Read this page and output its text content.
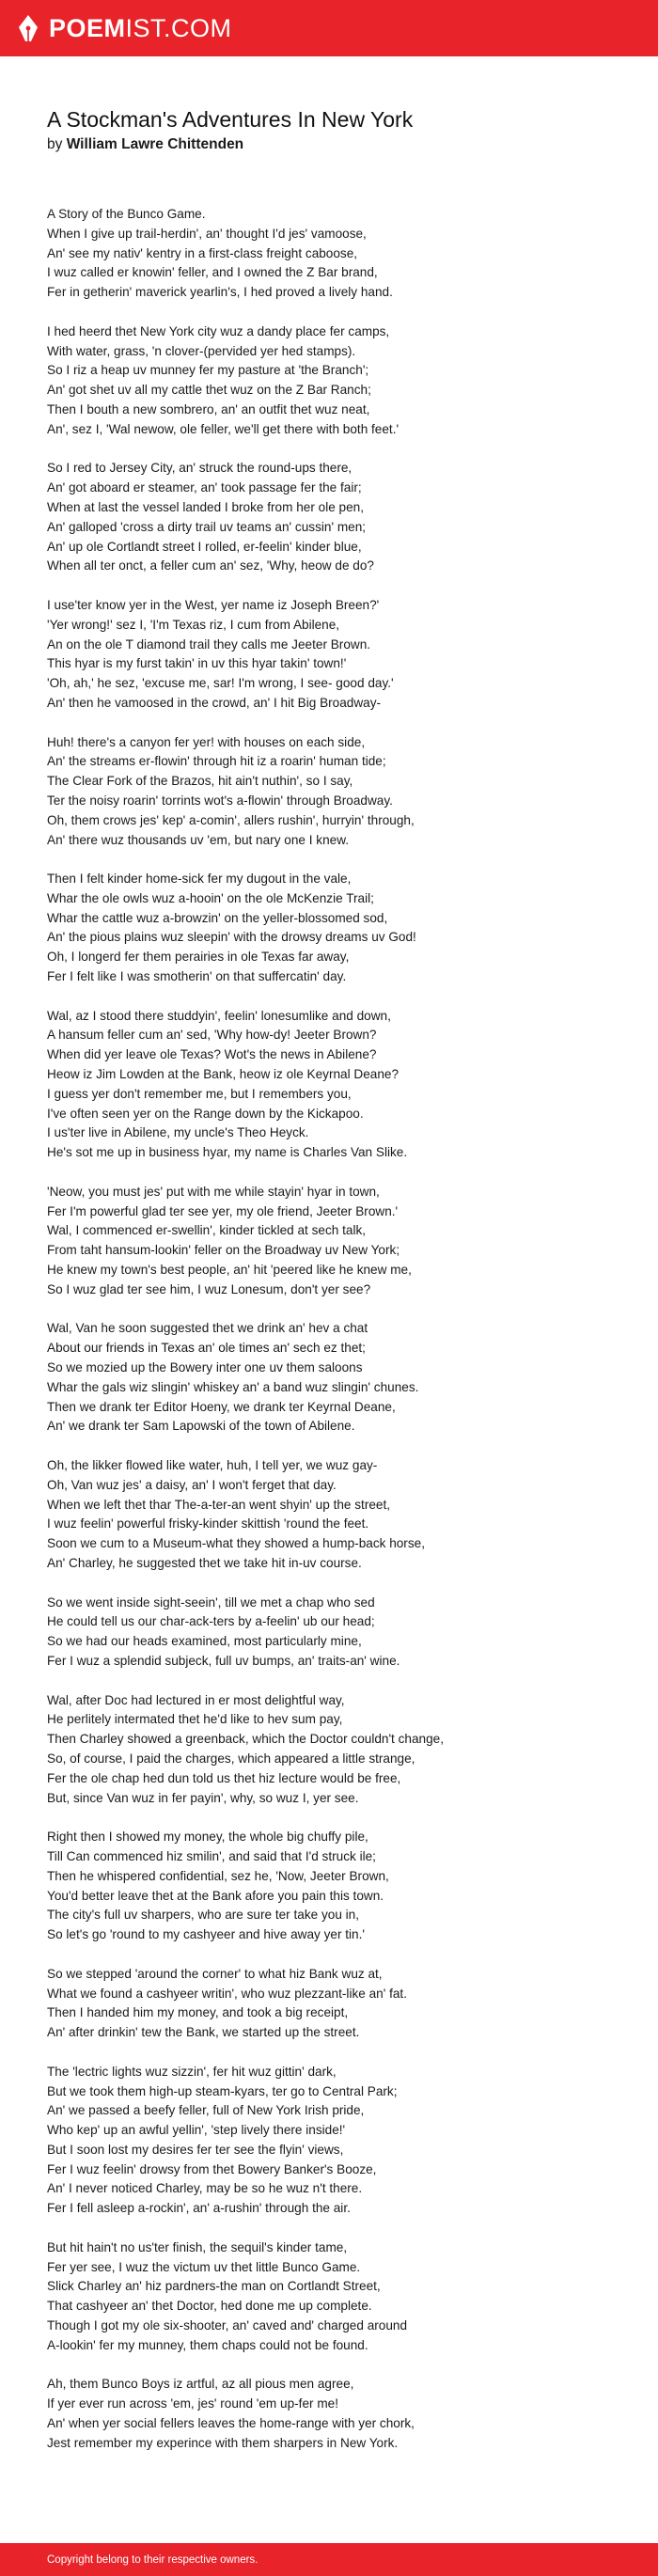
POEMIST.COM
A Stockman's Adventures In New York
by William Lawre Chittenden
A Story of the Bunco Game.
When I give up trail-herdin', an' thought I'd jes' vamoose,
An' see my nativ' kentry in a first-class freight caboose,
I wuz called er knowin' feller, and I owned the Z Bar brand,
Fer in getherin' maverick yearlin's, I hed proved a lively hand.
I hed heerd thet New York city wuz a dandy place fer camps,
With water, grass, 'n clover-(pervided yer hed stamps).
So I riz a heap uv munney fer my pasture at 'the Branch';
An' got shet uv all my cattle thet wuz on the Z Bar Ranch;
Then I bouth a new sombrero, an' an outfit thet wuz neat,
An', sez I, 'Wal newow, ole feller, we'll get there with both feet.'
So I red to Jersey City, an' struck the round-ups there,
An' got aboard er steamer, an' took passage fer the fair;
When at last the vessel landed I broke from her ole pen,
An' galloped 'cross a dirty trail uv teams an' cussin' men;
An' up ole Cortlandt street I rolled, er-feelin' kinder blue,
When all ter onct, a feller cum an' sez, 'Why, heow de do?
I use'ter know yer in the West, yer name iz Joseph Breen?'
'Yer wrong!' sez I, 'I'm Texas riz, I cum from Abilene,
An on the ole T diamond trail they calls me Jeeter Brown.
This hyar is my furst takin' in uv this hyar takin' town!'
'Oh, ah,' he sez, 'excuse me, sar! I'm wrong, I see- good day.'
An' then he vamoosed in the crowd, an' I hit Big Broadway-
Huh! there's a canyon fer yer! with houses on each side,
An' the streams er-flowin' through hit iz a roarin' human tide;
The Clear Fork of the Brazos, hit ain't nuthin', so I say,
Ter the noisy roarin' torrints wot's a-flowin' through Broadway.
Oh, them crows jes' kep' a-comin', allers rushin', hurryin' through,
An' there wuz thousands uv 'em, but nary one I knew.
Then I felt kinder home-sick fer my dugout in the vale,
Whar the ole owls wuz a-hooin' on the ole McKenzie Trail;
Whar the cattle wuz a-browzin' on the yeller-blossomed sod,
An' the pious plains wuz sleepin' with the drowsy dreams uv God!
Oh, I longerd fer them perairies in ole Texas far away,
Fer I felt like I was smotherin' on that suffercatin' day.
Wal, az I stood there studdyin', feelin' lonesumlike and down,
A hansum feller cum an' sed, 'Why how-dy! Jeeter Brown?
When did yer leave ole Texas? Wot's the news in Abilene?
Heow iz Jim Lowden at the Bank, heow iz ole Keyrnal Deane?
I guess yer don't remember me, but I remembers you,
I've often seen yer on the Range down by the Kickapoo.
I us'ter live in Abilene, my uncle's Theo Heyck.
He's sot me up in business hyar, my name is Charles Van Slike.
'Neow, you must jes' put with me while stayin' hyar in town,
Fer I'm powerful glad ter see yer, my ole friend, Jeeter Brown.'
Wal, I commenced er-swellin', kinder tickled at sech talk,
From taht hansum-lookin' feller on the Broadway uv New York;
He knew my town's best people, an' hit 'peered like he knew me,
So I wuz glad ter see him, I wuz Lonesum, don't yer see?
Wal, Van he soon suggested thet we drink an' hev a chat
About our friends in Texas an' ole times an' sech ez thet;
So we mozied up the Bowery inter one uv them saloons
Whar the gals wiz slingin' whiskey an' a band wuz slingin' chunes.
Then we drank ter Editor Hoeny, we drank ter Keyrnal Deane,
An' we drank ter Sam Lapowski of the town of Abilene.
Oh, the likker flowed like water, huh, I tell yer, we wuz gay-
Oh, Van wuz jes' a daisy, an' I won't ferget that day.
When we left thet thar The-a-ter-an went shyin' up the street,
I wuz feelin' powerful frisky-kinder skittish 'round the feet.
Soon we cum to a Museum-what they showed a hump-back horse,
An' Charley, he suggested thet we take hit in-uv course.
So we went inside sight-seein', till we met a chap who sed
He could tell us our char-ack-ters by a-feelin' ub our head;
So we had our heads examined, most particularly mine,
Fer I wuz a splendid subjeck, full uv bumps, an' traits-an' wine.
Wal, after Doc had lectured in er most delightful way,
He perlitely intermated thet he'd like to hev sum pay,
Then Charley showed a greenback, which the Doctor couldn't change,
So, of course, I paid the charges, which appeared a little strange,
Fer the ole chap hed dun told us thet hiz lecture would be free,
But, since Van wuz in fer payin', why, so wuz I, yer see.
Right then I showed my money, the whole big chuffy pile,
Till Can commenced hiz smilin', and said that I'd struck ile;
Then he whispered confidential, sez he, 'Now, Jeeter Brown,
You'd better leave thet at the Bank afore you pain this town.
The city's full uv sharpers, who are sure ter take you in,
So let's go 'round to my cashyeer and hive away yer tin.'
So we stepped 'around the corner' to what hiz Bank wuz at,
What we found a cashyeer writin', who wuz plezzant-like an' fat.
Then I handed him my money, and took a big receipt,
An' after drinkin' tew the Bank, we started up the street.
The 'lectric lights wuz sizzin', fer hit wuz gittin' dark,
But we took them high-up steam-kyars, ter go to Central Park;
An' we passed a beefy feller, full of New York Irish pride,
Who kep' up an awful yellin', 'step lively there inside!'
But I soon lost my desires fer ter see the flyin' views,
Fer I wuz feelin' drowsy from thet Bowery Banker's Booze,
An' I never noticed Charley, may be so he wuz n't there.
Fer I fell asleep a-rockin', an' a-rushin' through the air.
But hit hain't no us'ter finish, the sequil's kinder tame,
Fer yer see, I wuz the victum uv thet little Bunco Game.
Slick Charley an' hiz pardners-the man on Cortlandt Street,
That cashyeer an' thet Doctor, hed done me up complete.
Though I got my ole six-shooter, an' caved and' charged around
A-lookin' fer my munney, them chaps could not be found.
Ah, them Bunco Boys iz artful, az all pious men agree,
If yer ever run across 'em, jes' round 'em up-fer me!
An' when yer social fellers leaves the home-range with yer chork,
Jest remember my experince with them sharpers in New York.
Copyright belong to their respective owners.
